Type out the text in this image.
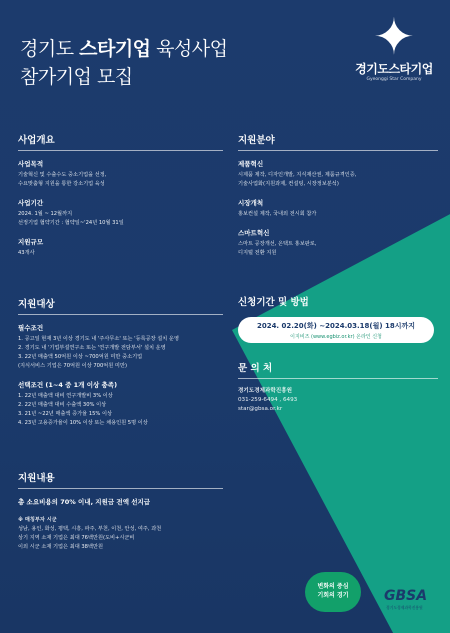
경기도 스타기업 육성사업
참가기업 모집
✦
경기도스타기업
Gyeonggi Star Company
사업개요
사업목적
기술혁신 및 수출수도 중소기업을 선정,
수요맞춤형 지원을 통한 강소기업 육성
사업기간
2024. 1월 ~ 12월까지
선정기업 협약기간 : 협약일~'24년 10월 31일
지원규모
43개사
지원대상
필수조건
1. 공고일 현재 3년 이상 경기도 내 '주사무소' 또는 '등록공장 설치 운영
2. 경기도 내 '기업부설연구소 또는 '연구개발 전담부서' 설치 운영
3. 22년 매출액 50억원 이상 ~700억원 미만 중소기업
(지식서비스 기업은 70억원 이상 700억원 미만)
선택조건 (1~4 중 1개 이상 충족)
1. 22년 매출액 대비 연구개발비 3% 이상
2. 22년 매출액 대비 수출액 30% 이상
3. 21년 ~22년 매출액 증가율 15% 이상
4. 23년 고용증가율이 10% 이상 또는 채용인원 5명 이상
지원내용
총 소요비용의 70% 이내, 지원금 전액 선지급
※ 매칭부자 시군
성남, 용인, 화성, 평택, 시흥, 파주, 부천, 이천, 안성, 여주, 과천
상기 지역 소재 기업은 최대 76백만원(도비+시군비
이외 시군 소재 기업은 최대 38백만원
지원분야
제품혁신
시제품 제작, 디자인개발, 지식재산권, 제품규격인증,
기술사업화(지원과제, 컨설팅, 시장정보분석)
시장개척
홍보컨설 제작, 국내외 전시회 참가
스마트혁신
스마트 공장개선, 온택트 홍보판로,
디지털 전환 지원
신청기간 및 방법
2024. 02.20(화) ~2024.03.18(월) 18시까지
이지비즈 (www.egbiz.or.kr) 온라인 신청
문 의 처
경기도경제과학진흥원
031-259-6494 , 6493
star@gbsa.or.kr
변화의 중심
기회의 경기	GBSA
경기도경제과학진흥원
